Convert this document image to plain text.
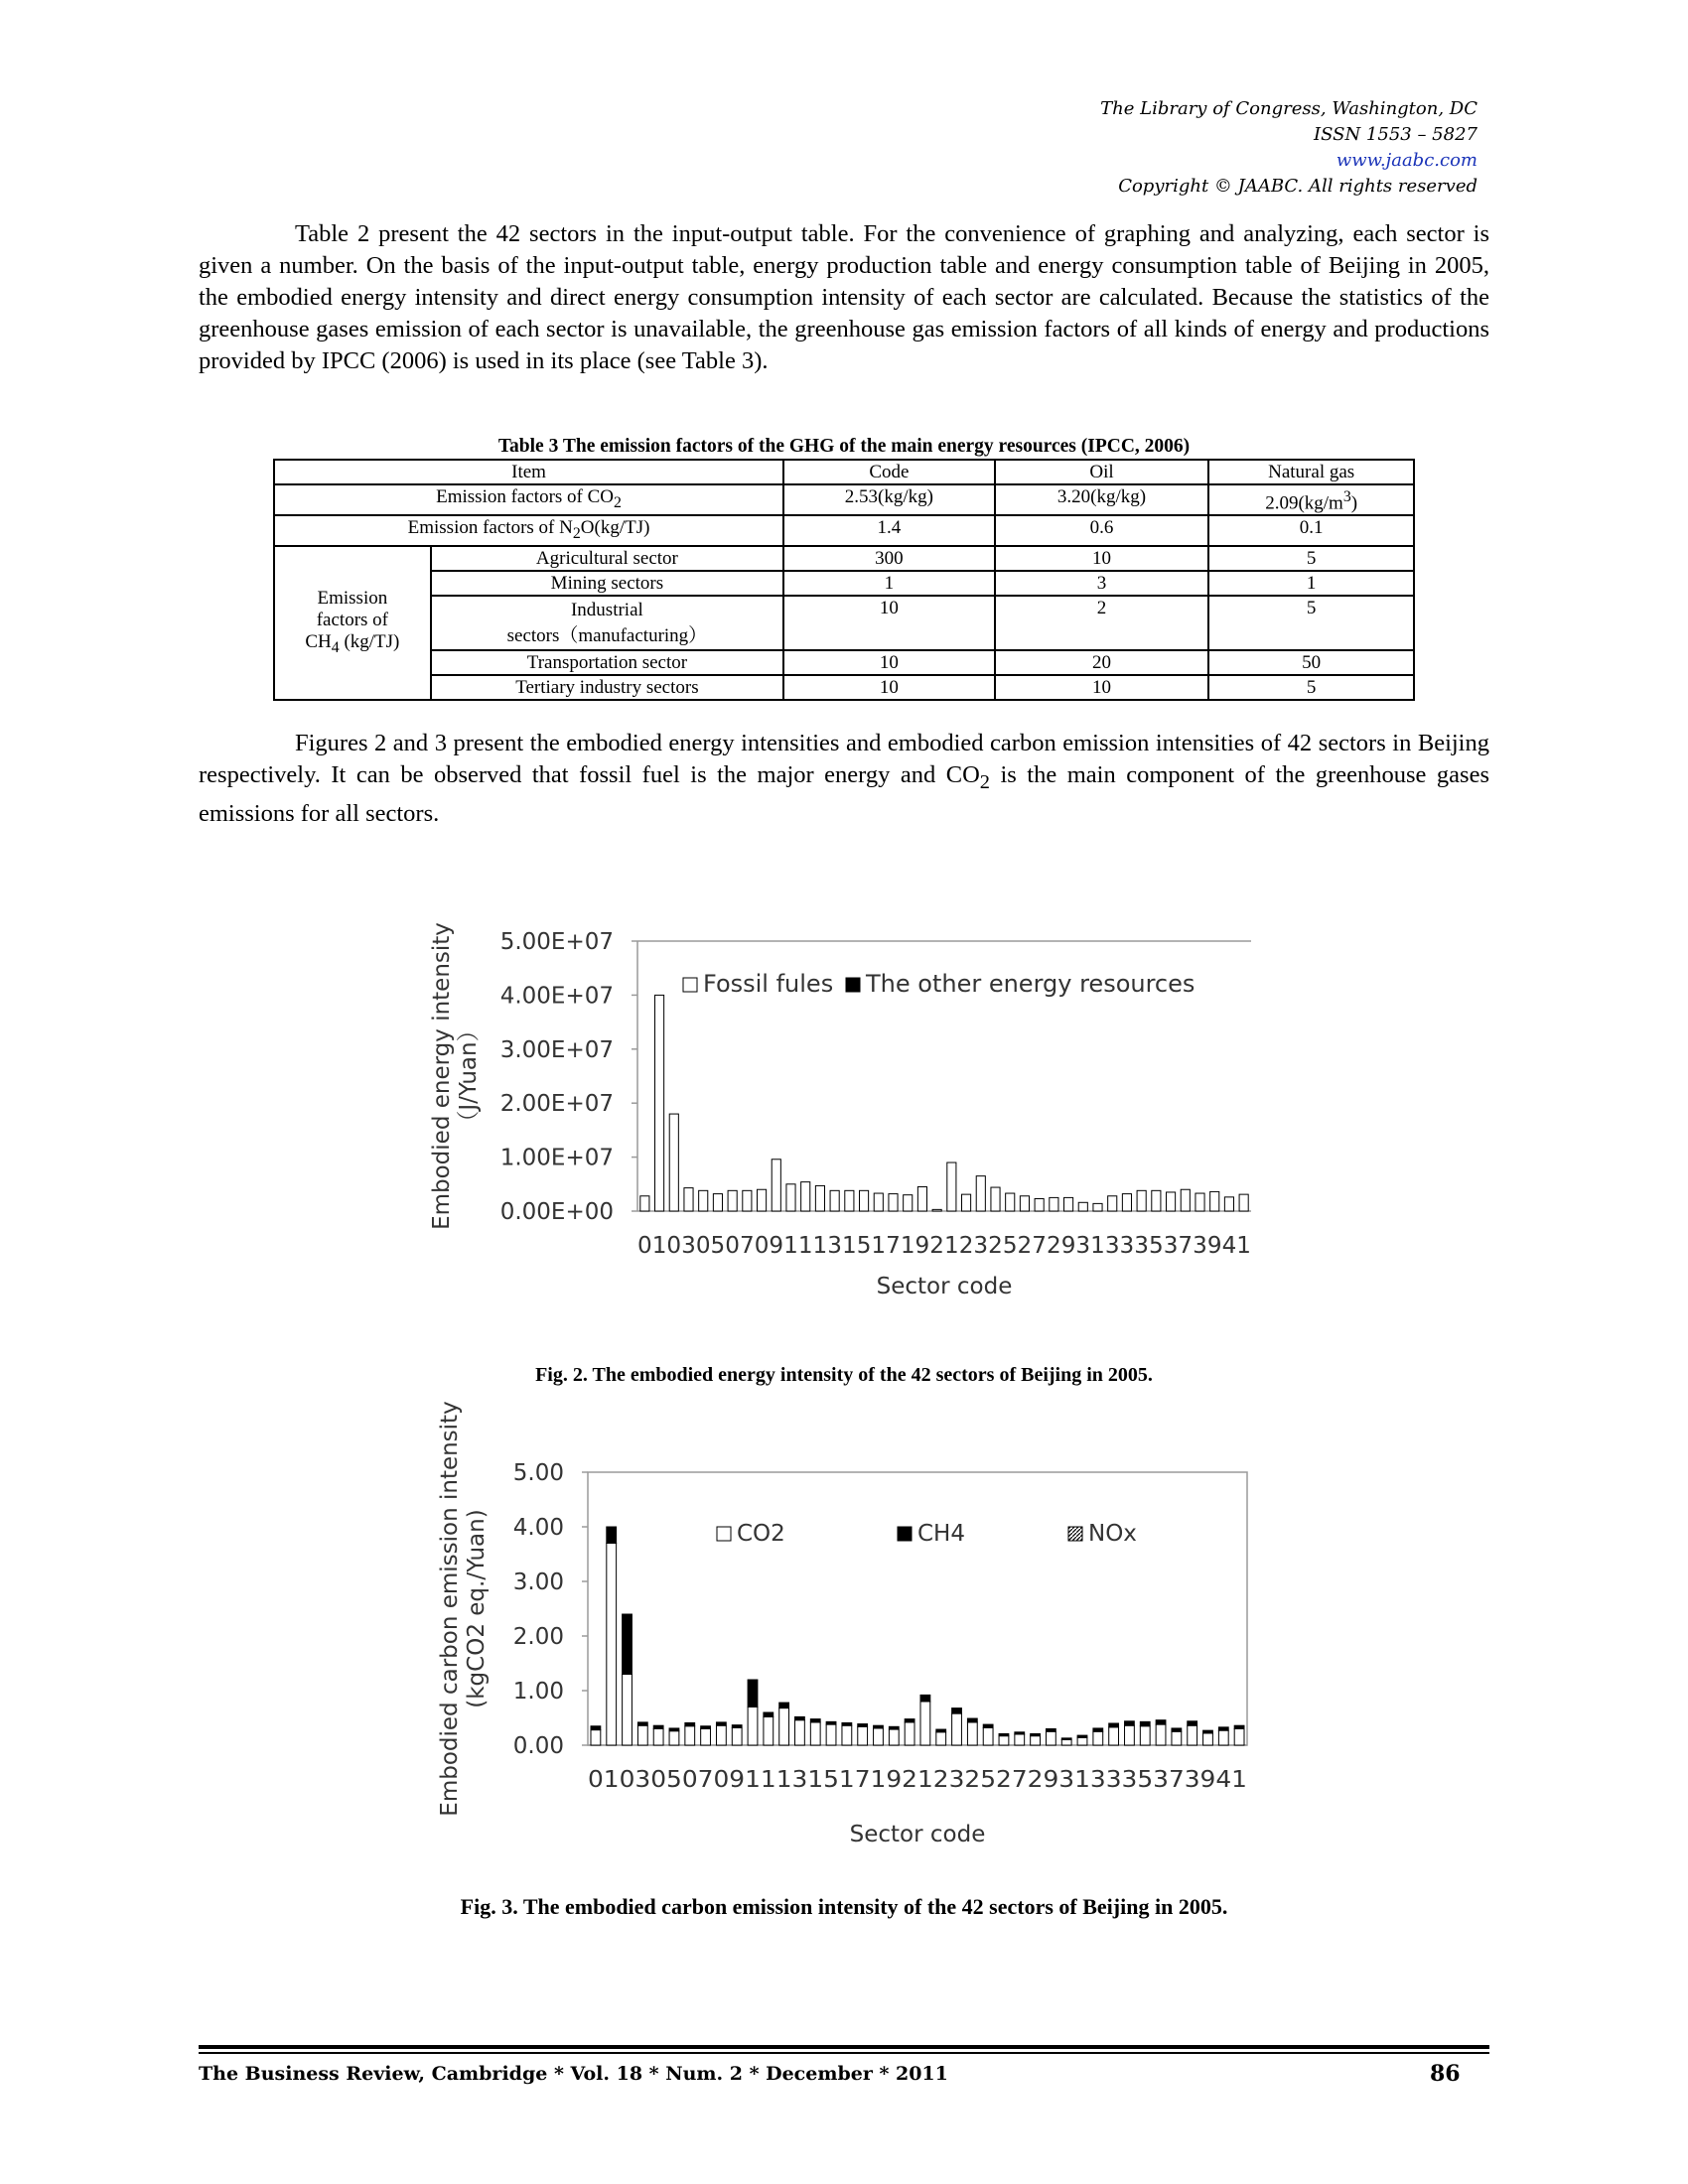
The Library of Congress, Washington, DC
ISSN 1553 – 5827
www.jaabc.com
Copyright © JAABC. All rights reserved

Table 2 present the 42 sectors in the input-output table. For the convenience of graphing and analyzing, each sector is given a number. On the basis of the input-output table, energy production table and energy consumption table of Beijing in 2005, the embodied energy intensity and direct energy consumption intensity of each sector are calculated. Because the statistics of the greenhouse gases emission of each sector is unavailable, the greenhouse gas emission factors of all kinds of energy and productions provided by IPCC (2006) is used in its place (see Table 3).

Table 3 The emission factors of the GHG of the main energy resources (IPCC, 2006)
Item		Code	Oil	Natural gas
Emission factors of $CO_2$		2.53(kg/kg)	3.20(kg/kg)	$2.09(kg/m^3)$
Emission factors of $N_2O(kg/TJ)$		1.4	0.6	0.1

Emission
factors of
$CH_4$ (kg/TJ)	Agricultural sector	300	10	5
	Mining sectors	1	3	1
	Industrial
sectors（manufacturing）	10	2	5
	Transportation sector	10	20	50
	Tertiary industry sectors	10	10	5

Figures 2 and 3 present the embodied energy intensities and embodied carbon emission intensities of 42 sectors in Beijing respectively. It can be observed that fossil fuel is the major energy and $CO_2$ is the main component of the greenhouse gases emissions for all sectors.

0.00E+00
1.00E+07
2.00E+07
3.00E+07
4.00E+07
5.00E+07
01 03 05 07 09 11 13 15 17 19 21 23 25 27 29 31 33 35 37 39 41
Sector code
Embodied energy intensity（J/Yuan）
Fossil fules The other energy resources
0.00
1.00
2.00
3.00
4.00
5.00
01 03 05 07 09 11 13 15 17 19 21 23 25 27 29 31 33 35 37 39 41
Sector code
Embodied carbon emission intensity(kgCO2 eq./Yuan)	CO2	CH4	NOx
Fig. 2. The embodied energy intensity of the 42 sectors of Beijing in 2005.
Fig. 3. The embodied carbon emission intensity of the 42 sectors of Beijing in 2005.
The Business Review, Cambridge * Vol. 18 * Num. 2 * December * 2011	86
